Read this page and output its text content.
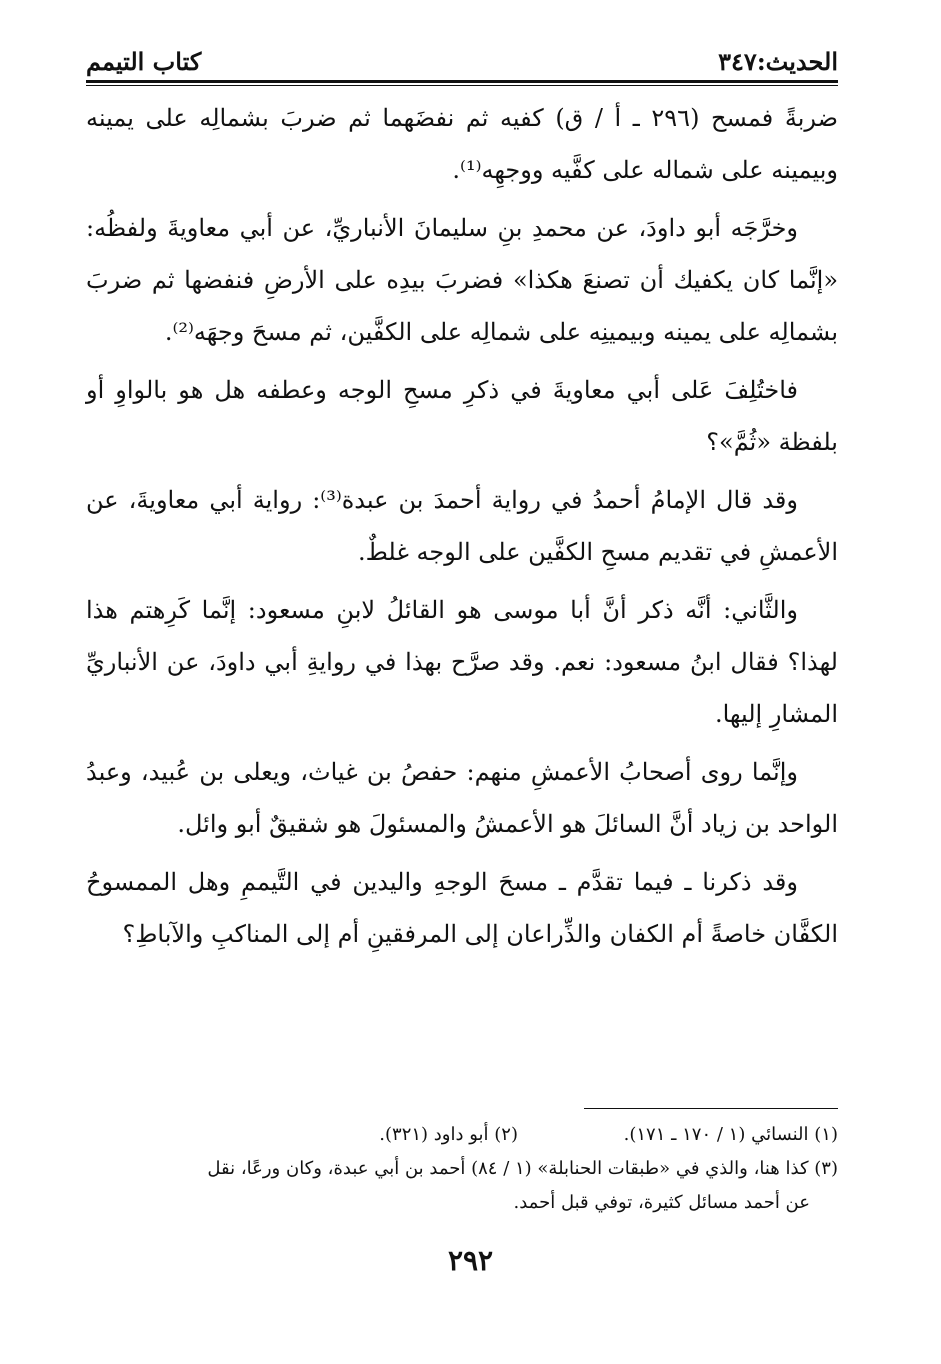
الحديث:٣٤٧
كتاب التيمم

ضربةً فمسح (٢٩٦ ـ أ / ق) كفيه ثم نفضَهما ثم ضربَ بشمالِه على يمينه وبيمينه على شماله على كفَّيه ووجهِه⁽¹⁾.

وخرَّجَه أبو داودَ، عن محمدِ بنِ سليمانَ الأنباريِّ، عن أبي معاويةَ ولفظُه: «إنَّما كان يكفيك أن تصنعَ هكذا» فضربَ بيدِه على الأرضِ فنفضها ثم ضربَ بشمالِه على يمينه وبيمينِه على شمالِه على الكفَّين، ثم مسحَ وجهَه⁽²⁾.

فاختُلِفَ عَلى أبي معاويةَ في ذكرِ مسحِ الوجه وعطفه هل هو بالواوِ أو بلفظة «ثُمَّ»؟

وقد قال الإمامُ أحمدُ في رواية أحمدَ بن عبدة⁽³⁾: رواية أبي معاويةَ، عن الأعمشِ في تقديم مسحِ الكفَّين على الوجه غلطٌ.

والثَّاني: أنَّه ذكر أنَّ أبا موسى هو القائلُ لابنِ مسعود: إنَّما كَرِهتم هذا لهذا؟ فقال ابنُ مسعود: نعم. وقد صرَّح بهذا في روايةِ أبي داودَ، عن الأنباريِّ المشارِ إليها.

وإنَّما روى أصحابُ الأعمشِ منهم: حفصُ بن غياث، ويعلى بن عُبيد، وعبدُ الواحد بن زياد أنَّ السائلَ هو الأعمشُ والمسئولَ هو شقيقٌ أبو وائل.

وقد ذكرنا ـ فيما تقدَّم ـ مسحَ الوجهِ واليدين في التَّيممِ وهل الممسوحُ الكفَّان خاصةً أم الكفان والذِّراعان إلى المرفقينِ أم إلى المناكبِ والآباطِ؟

(١) النسائي (١ / ١٧٠ ـ ١٧١).
(٢) أبو داود (٣٢١).

(٣) كذا هنا، والذي في «طبقات الحنابلة» (١ / ٨٤) أحمد بن أبي عبدة، وكان ورعًا، نقل
عن أحمد مسائل كثيرة، توفي قبل أحمد.

٢٩٢
